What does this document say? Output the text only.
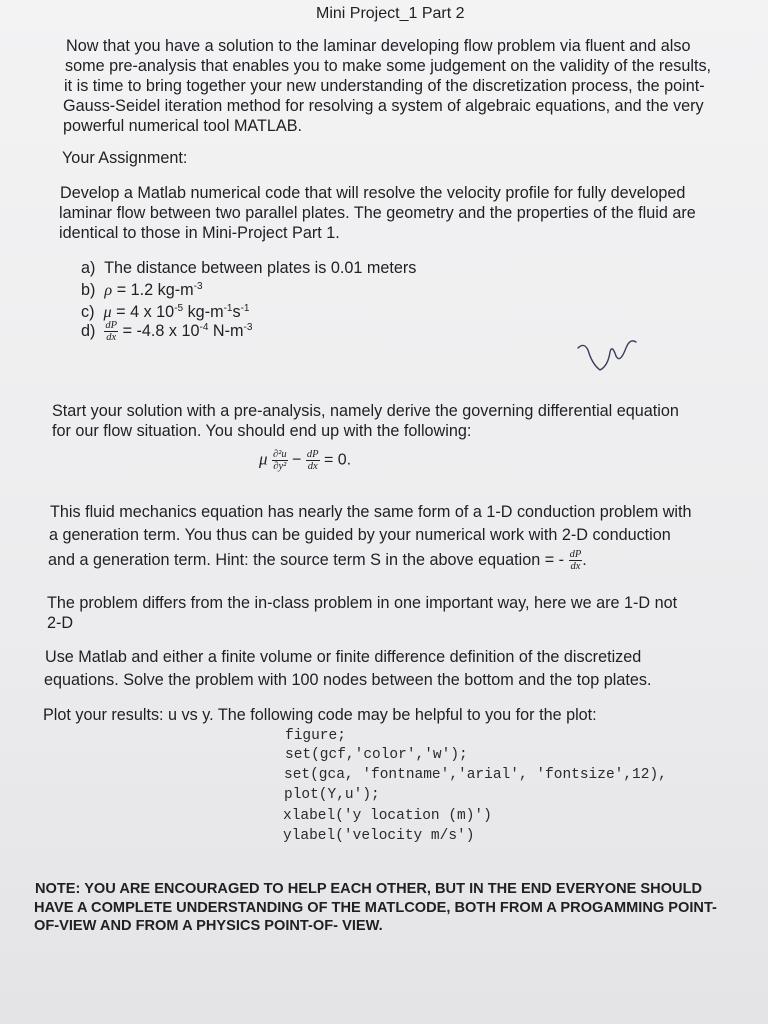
Mini Project_1 Part 2
Now that you have a solution to the laminar developing flow problem via fluent and also
some pre-analysis that enables you to make some judgement on the validity of the results,
it is time to bring together your new understanding of the discretization process, the point-
Gauss-Seidel iteration method for resolving a system of algebraic equations, and the very
powerful numerical tool MATLAB.
Your Assignment:
Develop a Matlab numerical code that will resolve the velocity profile for fully developed
laminar flow between two parallel plates. The geometry and the properties of the fluid are
identical to those in Mini-Project Part 1.
a) The distance between plates is 0.01 meters
b) ρ = 1.2 $kg-m^{-3}$
c) μ = 4 x $10^{-5}$ $kg-m^{-1}s^{-1}$
$d) \frac{dP}{dx} = -4.8$ x $10^{-4}$ $N-m^{-3}$
Start your solution with a pre-analysis, namely derive the governing differential equation
for our flow situation. You should end up with the following:
μ $\frac{\text{∂²u}}{\text{∂y²}} - \frac{dP}{dx} = 0$.
This fluid mechanics equation has nearly the same form of a 1-D conduction problem with
a generation term. You thus can be guided by your numerical work with 2-D conduction
and a generation term. Hint: the source term S in the above equation = - $\frac{dP}{dx}$ .
The problem differs from the in-class problem in one important way, here we are 1-D not
2-D
Use Matlab and either a finite volume or finite difference definition of the discretized
equations. Solve the problem with 100 nodes between the bottom and the top plates.
Plot your results: u vs y. The following code may be helpful to you for the plot:
figure;
set(gcf,'color','w');
set(gca, 'fontname','arial', 'fontsize',12),
plot(Y,u');
xlabel('y location (m)')
ylabel('velocity m/s')
NOTE: YOU ARE ENCOURAGED TO HELP EACH OTHER, BUT IN THE END EVERYONE SHOULD
HAVE A COMPLETE UNDERSTANDING OF THE MATLCODE, BOTH FROM A PROGAMMING POINT-
OF-VIEW AND FROM A PHYSICS POINT-OF- VIEW.
